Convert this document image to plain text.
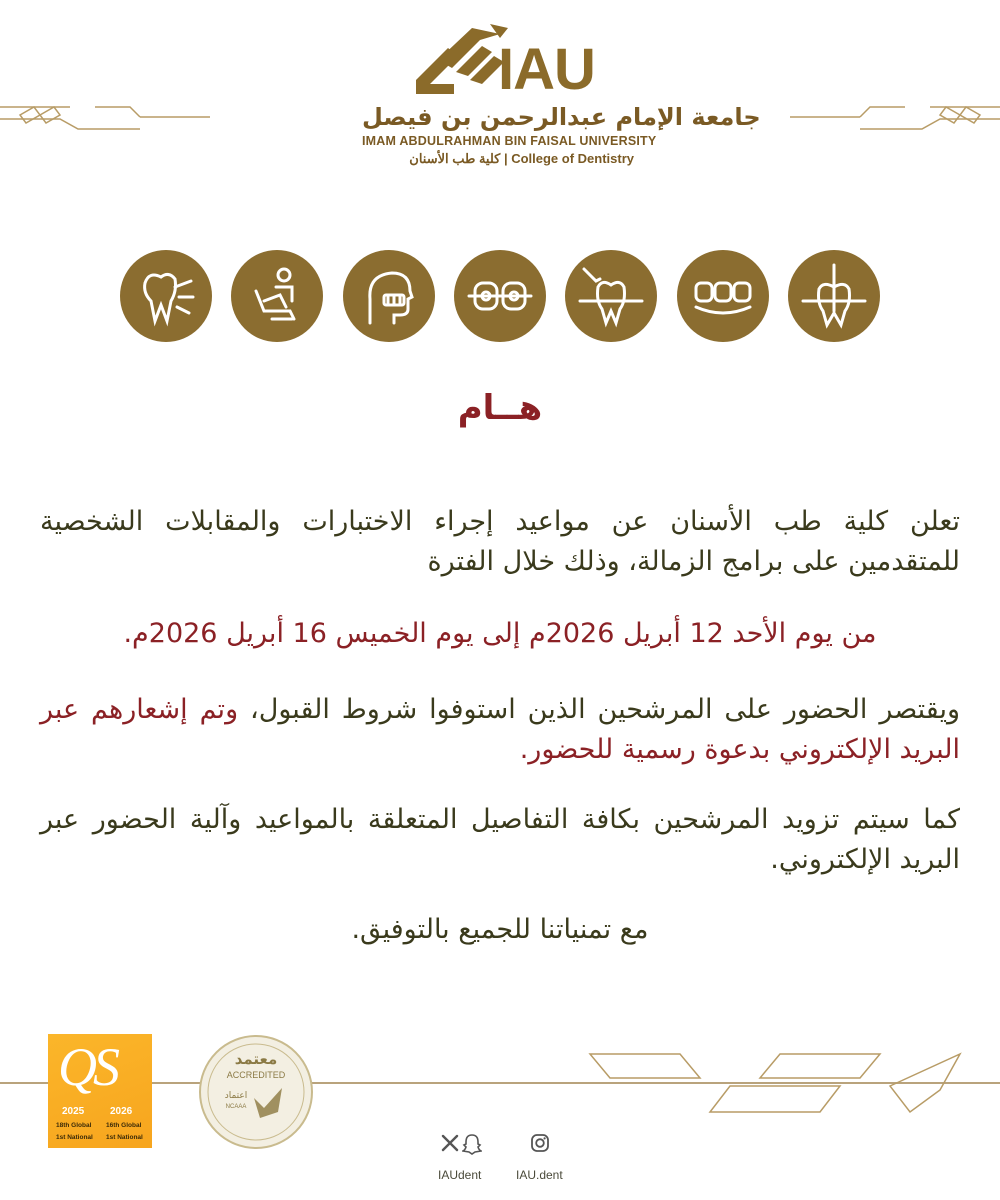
IAU
جامعة الإمام عبدالرحمن بن فيصل
IMAM ABDULRAHMAN BIN FAISAL UNIVERSITY
كلية طب الأسنان | College of Dentistry
هــام
تعلن كلية طب الأسنان عن مواعيد إجراء الاختبارات والمقابلات الشخصية للمتقدمين على برامج الزمالة، وذلك خلال الفترة
من يوم الأحد 12 أبريل 2026م إلى يوم الخميس 16 أبريل 2026م.
ويقتصر الحضور على المرشحين الذين استوفوا شروط القبول، وتم إشعارهم عبر البريد الإلكتروني بدعوة رسمية للحضور.
كما سيتم تزويد المرشحين بكافة التفاصيل المتعلقة بالمواعيد وآلية الحضور عبر البريد الإلكتروني.
مع تمنياتنا للجميع بالتوفيق.
QS
2025	2026
18th Global
1st National
16th Global
1st National
معتمد
ACCREDITED
اعتماد
NCAAA
IAUdent	IAU.dent
